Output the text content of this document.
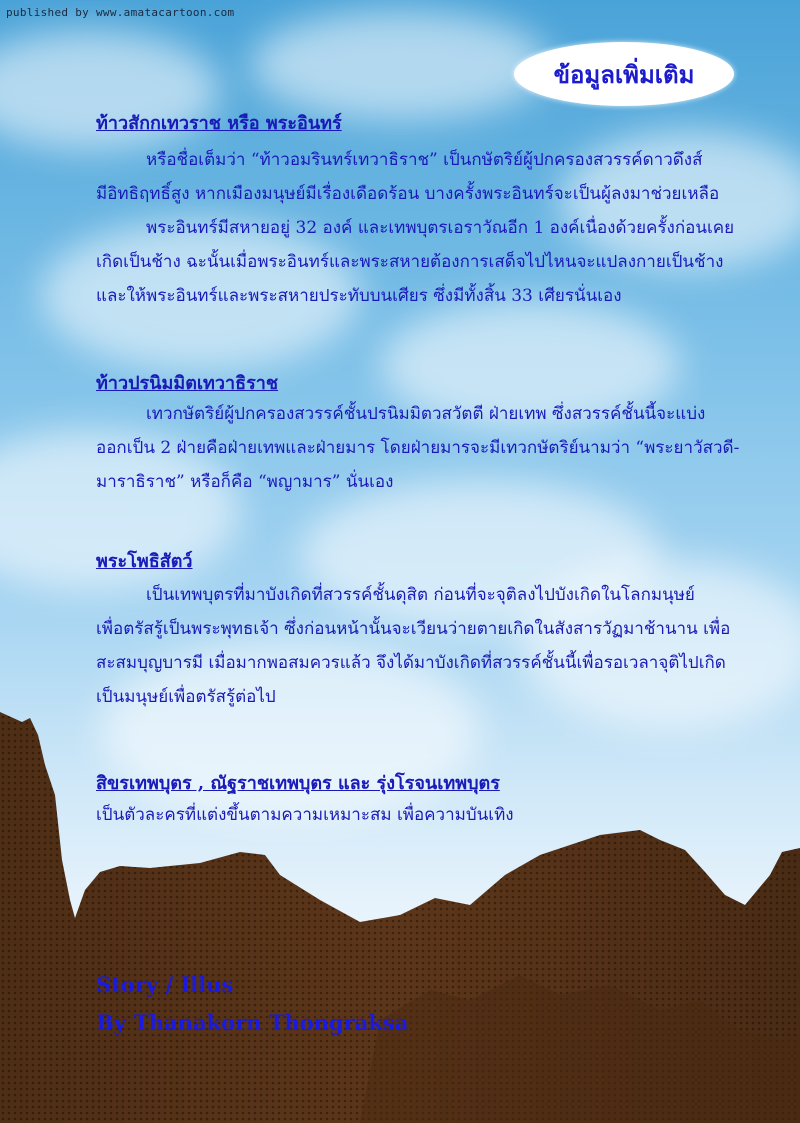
published by www.amatacartoon.com
ข้อมูลเพิ่มเติม
ท้าวสักกเทวราช หรือ พระอินทร์
หรือชื่อเต็มว่า “ท้าวอมรินทร์เทวาธิราช” เป็นกษัตริย์ผู้ปกครองสวรรค์ดาวดึงส์
มีอิทธิฤทธิ์สูง หากเมืองมนุษย์มีเรื่องเดือดร้อน บางครั้งพระอินทร์จะเป็นผู้ลงมาช่วยเหลือ
พระอินทร์มีสหายอยู่ 32 องค์ และเทพบุตรเอราวัณอีก 1 องค์เนื่องด้วยครั้งก่อนเคย
เกิดเป็นช้าง ฉะนั้นเมื่อพระอินทร์และพระสหายต้องการเสด็จไปไหนจะแปลงกายเป็นช้าง
และให้พระอินทร์และพระสหายประทับบนเศียร ซึ่งมีทั้งสิ้น 33 เศียรนั่นเอง
ท้าวปรนิมมิตเทวาธิราช
เทวกษัตริย์ผู้ปกครองสวรรค์ชั้นปรนิมมิตวสวัตตี ฝ่ายเทพ ซึ่งสวรรค์ชั้นนี้จะแบ่ง
ออกเป็น 2 ฝ่ายคือฝ่ายเทพและฝ่ายมาร โดยฝ่ายมารจะมีเทวกษัตริย์นามว่า “พระยาวัสวดี-
มาราธิราช” หรือก็คือ “พญามาร” นั่นเอง
พระโพธิสัตว์
เป็นเทพบุตรที่มาบังเกิดที่สวรรค์ชั้นดุสิต ก่อนที่จะจุติลงไปบังเกิดในโลกมนุษย์
เพื่อตรัสรู้เป็นพระพุทธเจ้า ซึ่งก่อนหน้านั้นจะเวียนว่ายตายเกิดในสังสารวัฏมาช้านาน เพื่อ
สะสมบุญบารมี เมื่อมากพอสมควรแล้ว จึงได้มาบังเกิดที่สวรรค์ชั้นนี้เพื่อรอเวลาจุติไปเกิด
เป็นมนุษย์เพื่อตรัสรู้ต่อไป
สิขรเทพบุตร , ณัฐราชเทพบุตร และ รุ่งโรจนเทพบุตร
เป็นตัวละครที่แต่งขึ้นตามความเหมาะสม เพื่อความบันเทิง
Story / Illus
By Thanakorn Thongraksa
